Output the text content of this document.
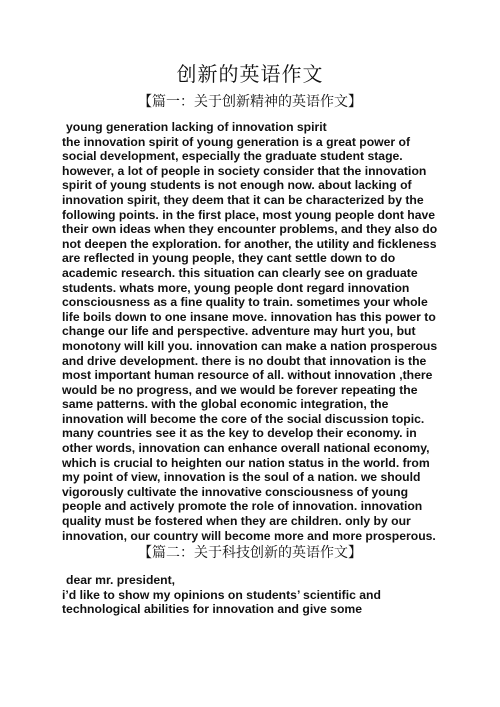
创新的英语作文
【篇一：关于创新精神的英语作文】

young generation lacking of innovation spirit

the innovation spirit of young generation is a great power of social development, especially the graduate student stage. however, a lot of people in society consider that the innovation spirit of young students is not enough now. about lacking of innovation spirit, they deem that it can be characterized by the following points. in the first place, most young people dont have their own ideas when they encounter problems, and they also do not deepen the exploration. for another, the utility and fickleness are reflected in young people, they cant settle down to do academic research. this situation can clearly see on graduate students. whats more, young people dont regard innovation consciousness as a fine quality to train. sometimes your whole life boils down to one insane move. innovation has this power to change our life and perspective. adventure may hurt you, but monotony will kill you. innovation can make a nation prosperous and drive development. there is no doubt that innovation is the most important human resource of all. without innovation ,there would be no progress, and we would be forever repeating the same patterns. with the global economic integration, the innovation will become the core of the social discussion topic. many countries see it as the key to develop their economy. in other words, innovation can enhance overall national economy, which is crucial to heighten our nation status in the world. from my point of view, innovation is the soul of a nation. we should vigorously cultivate the innovative consciousness of young people and actively promote the role of innovation. innovation quality must be fostered when they are children. only by our innovation, our country will become more and more prosperous.

【篇二：关于科技创新的英语作文】

dear mr. president,

i’d like to show my opinions on students’ scientific and technological abilities for innovation and give some
